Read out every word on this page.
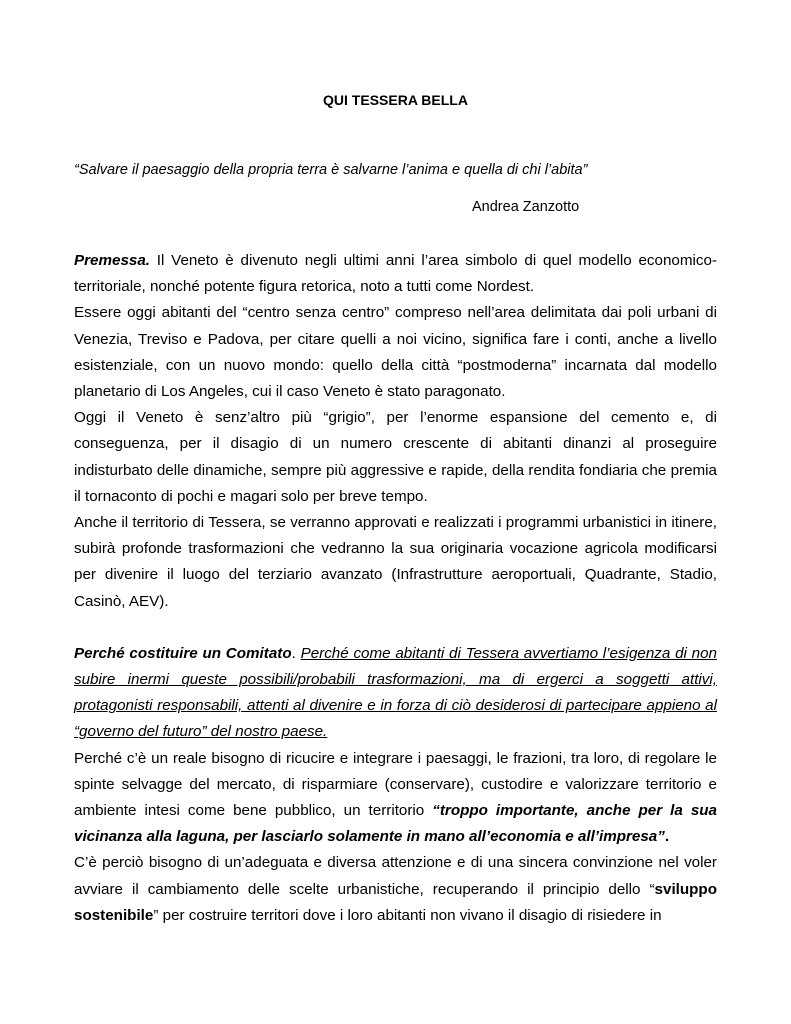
QUI TESSERA BELLA
“Salvare il paesaggio della propria terra è salvarne l’anima e quella di chi l’abita”
Andrea Zanzotto

Premessa. Il Veneto è divenuto negli ultimi anni l’area simbolo di quel modello economico-territoriale, nonché potente figura retorica, noto a tutti come Nordest.

Essere oggi abitanti del “centro senza centro” compreso nell’area delimitata dai poli urbani di Venezia, Treviso e Padova, per citare quelli a noi vicino, significa fare i conti, anche a livello esistenziale, con un nuovo mondo: quello della città “postmoderna” incarnata dal modello planetario di Los Angeles, cui il caso Veneto è stato paragonato.

Oggi il Veneto è senz’altro più “grigio”, per l’enorme espansione del cemento e, di conseguenza, per il disagio di un numero crescente di abitanti dinanzi al proseguire indisturbato delle dinamiche, sempre più aggressive e rapide, della rendita fondiaria che premia il tornaconto di pochi e magari solo per breve tempo.

Anche il territorio di Tessera, se verranno approvati e realizzati i programmi urbanistici in itinere, subirà profonde trasformazioni che vedranno la sua originaria vocazione agricola modificarsi per divenire il luogo del terziario avanzato (Infrastrutture aeroportuali, Quadrante, Stadio, Casinò, AEV).

Perché costituire un Comitato. Perché come abitanti di Tessera avvertiamo l’esigenza di non subire inermi queste possibili/probabili trasformazioni, ma di ergerci a soggetti attivi, protagonisti responsabili, attenti al divenire e in forza di ciò desiderosi di partecipare appieno al “governo del futuro” del nostro paese.

Perché c’è un reale bisogno di ricucire e integrare i paesaggi, le frazioni, tra loro, di regolare le spinte selvagge del mercato, di risparmiare (conservare), custodire e valorizzare territorio e ambiente intesi come bene pubblico, un territorio “troppo importante, anche per la sua vicinanza alla laguna, per lasciarlo solamente in mano all’economia e all’impresa”.

C’è perciò bisogno di un’adeguata e diversa attenzione e di una sincera convinzione nel voler avviare il cambiamento delle scelte urbanistiche, recuperando il principio dello “sviluppo sostenibile” per costruire territori dove i loro abitanti non vivano il disagio di risiedere in
